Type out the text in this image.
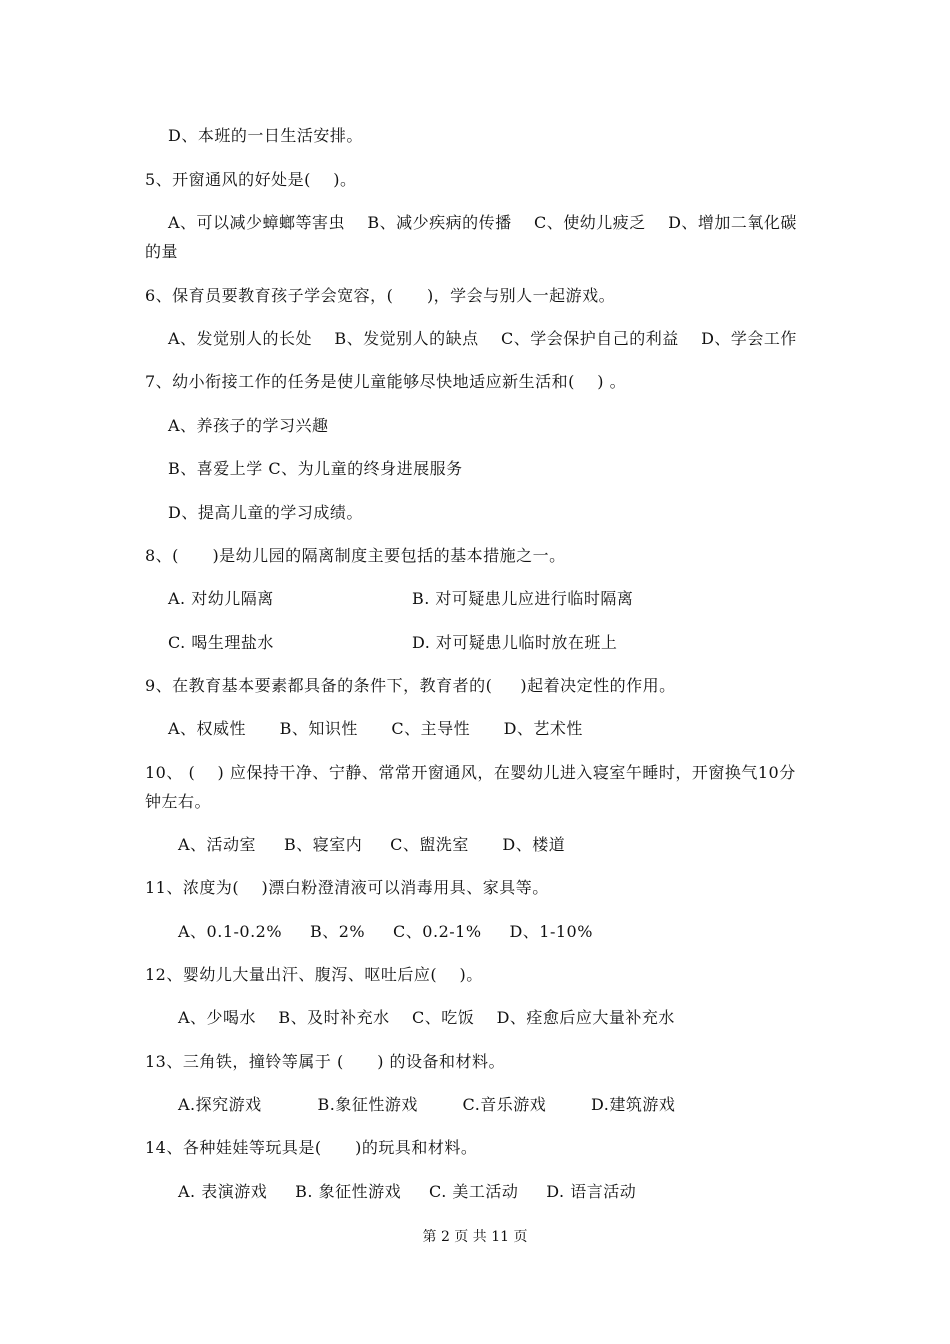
D、本班的一日生活安排。
5、开窗通风的好处是(    )。
A、可以减少蟑螂等害虫    B、减少疾病的传播    C、使幼儿疲乏    D、增加二氧化碳
的量
6、保育员要教育孩子学会宽容，(      )，学会与别人一起游戏。
A、发觉别人的长处    B、发觉别人的缺点    C、学会保护自己的利益    D、学会工作
7、幼小衔接工作的任务是使儿童能够尽快地适应新生活和(    ) 。
A、养孩子的学习兴趣
B、喜爱上学 C、为儿童的终身进展服务
D、提高儿童的学习成绩。
8、(      )是幼儿园的隔离制度主要包括的基本措施之一。
A. 对幼儿隔离	B. 对可疑患儿应进行临时隔离
C. 喝生理盐水	D. 对可疑患儿临时放在班上
9、在教育基本要素都具备的条件下，教育者的(     )起着决定性的作用。
A、权威性      B、知识性      C、主导性      D、艺术性
10、 (    ) 应保持干净、宁静、常常开窗通风，在婴幼儿进入寝室午睡时，开窗换气10分
钟左右。
A、活动室     B、寝室内     C、盥洗室      D、楼道
11、浓度为(    )漂白粉澄清液可以消毒用具、家具等。
A、0.1-0.2%     B、2%     C、0.2-1%     D、1-10%
12、婴幼儿大量出汗、腹泻、呕吐后应(    )。
A、少喝水    B、及时补充水    C、吃饭    D、痊愈后应大量补充水
13、三角铁，撞铃等属于 (      ) 的设备和材料。
A.探究游戏          B.象征性游戏        C.音乐游戏        D.建筑游戏
14、各种娃娃等玩具是(      )的玩具和材料。
A. 表演游戏     B. 象征性游戏     C. 美工活动     D. 语言活动
第 2 页 共 11 页
